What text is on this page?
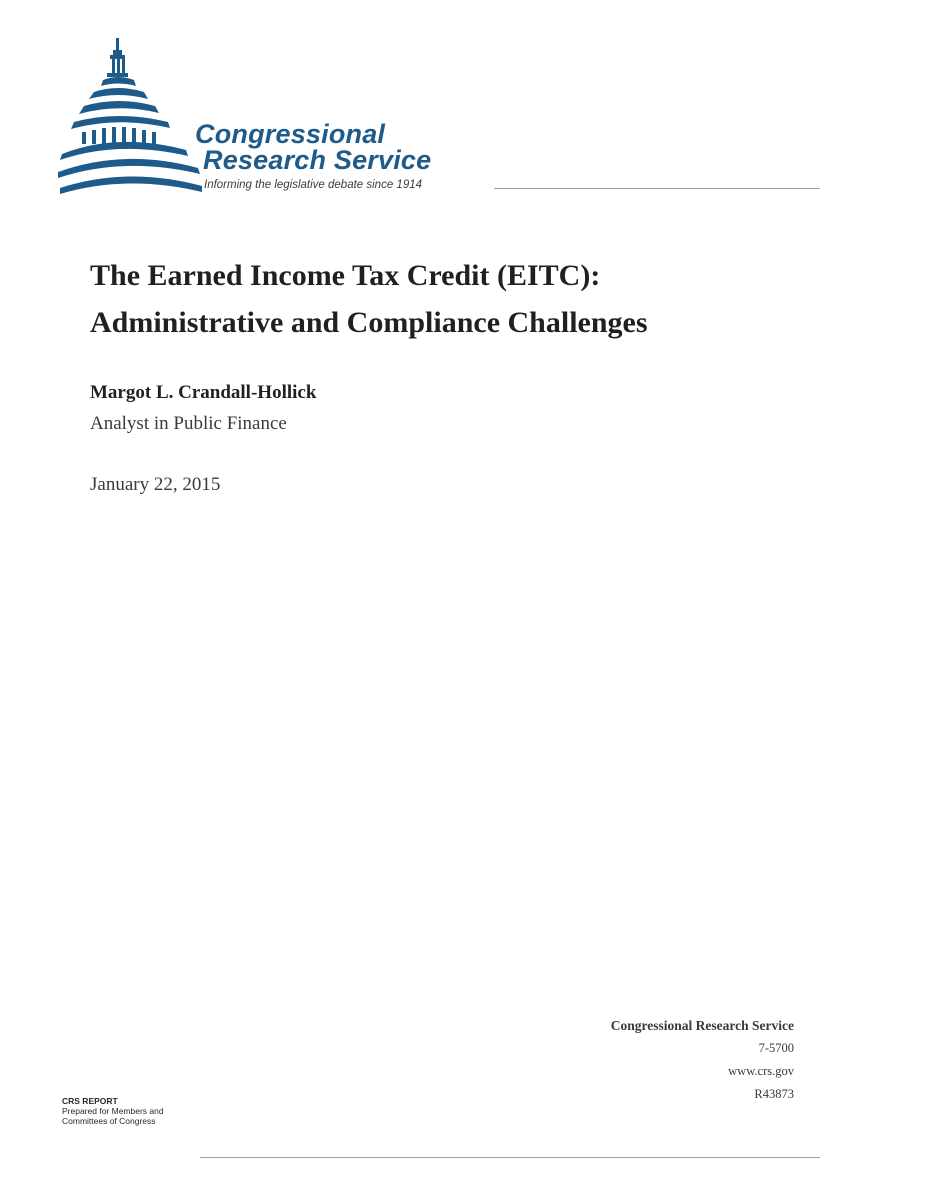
Congressional
Research Service
Informing the legislative debate since 1914
The Earned Income Tax Credit (EITC):
Administrative and Compliance Challenges
Margot L. Crandall-Hollick
Analyst in Public Finance
January 22, 2015
Congressional Research Service
7-5700
www.crs.gov
R43873
CRS REPORT
Prepared for Members and
Committees of Congress
